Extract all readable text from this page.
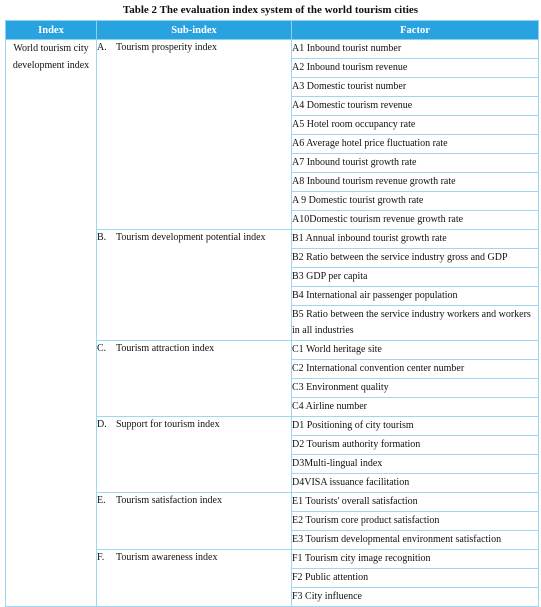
Table 2 The evaluation index system of the world tourism cities
Index	Sub-index	Factor
World tourism city development index	A. Tourism prosperity index	A1 Inbound tourist number

		A2 Inbound tourism revenue

		A3 Domestic tourist number

		A4 Domestic tourism revenue

		A5 Hotel room occupancy rate

		A6 Average hotel price fluctuation rate

		A7 Inbound tourist growth rate

		A8 Inbound tourism revenue growth rate

		A 9 Domestic tourist growth rate

		A10Domestic tourism revenue growth rate

	B. Tourism development potential index	B1 Annual inbound tourist growth rate

		B2 Ratio between the service industry gross and GDP

		B3 GDP per capita

		B4 International air passenger population

		B5 Ratio between the service industry workers and workers in all industries

	C. Tourism attraction index	C1 World heritage site

		C2 International convention center number

		C3 Environment quality

		C4 Airline number

	D. Support for tourism index	D1 Positioning of city tourism

		D2 Tourism authority formation

		D3Multi-lingual index

		D4VISA issuance facilitation

	E. Tourism satisfaction index	E1 Tourists' overall satisfaction

		E2 Tourism core product satisfaction

		E3 Tourism developmental environment satisfaction

	F. Tourism awareness index	F1 Tourism city image recognition

		F2 Public attention

		F3 City influence
